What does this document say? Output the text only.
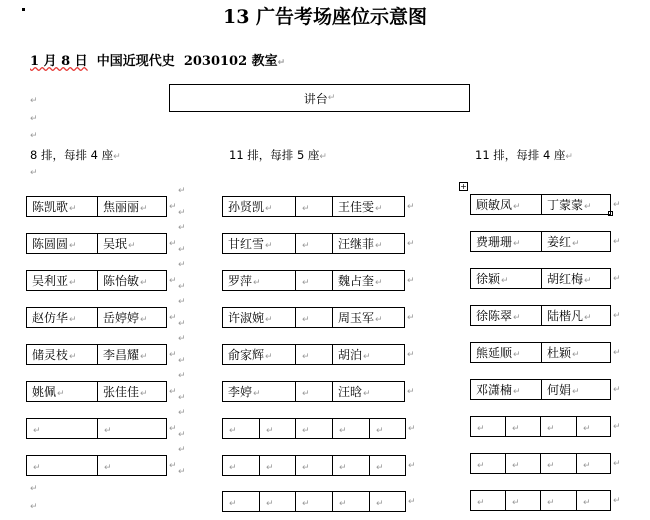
13 广告考场座位示意图
1 月 8 日 中国近现代史 2030102 教室↵
↵
↵
↵
↵
↵
↵
讲台 ↵
8 排，每排 4 座↵	11 排，每排 5 座↵	11 排，每排 4 座↵
+
陈凯歌↵	焦丽丽↵ ↵
↵
↵
陈圆圆↵	吴珉↵	↵
↵
↵
吴利亚↵	陈怡敏↵ ↵
↵
↵
赵仿华↵	岳婷婷↵ ↵
↵
↵
储灵枝↵	李昌耀↵ ↵
↵
↵
姚佩↵	张佳佳↵ ↵
↵
↵
↵	↵	↵
↵
↵
↵	↵	↵
↵
↵
孙贤凯↵	↵	王佳雯↵	↵
甘红雪↵	↵	汪继菲↵	↵
罗萍↵	↵	魏占奎↵	↵
许淑婉↵	↵	周玉军↵	↵
俞家辉↵	↵	胡泊↵	↵
李婷↵	↵	汪晗↵	↵
↵	↵	↵	↵	↵	↵
↵	↵	↵	↵	↵	↵
↵	↵	↵	↵	↵	↵
顾敏凤↵	丁蒙蒙↵ ↵
费珊珊↵	姜红↵	↵
徐颖↵	胡红梅↵ ↵
徐陈翠↵	陆楷凡↵ ↵
熊延顺↵	杜颖↵	↵
邓潇楠↵	何娟↵	↵
↵	↵	↵	↵ ↵
↵	↵	↵	↵ ↵
↵	↵	↵	↵ ↵
